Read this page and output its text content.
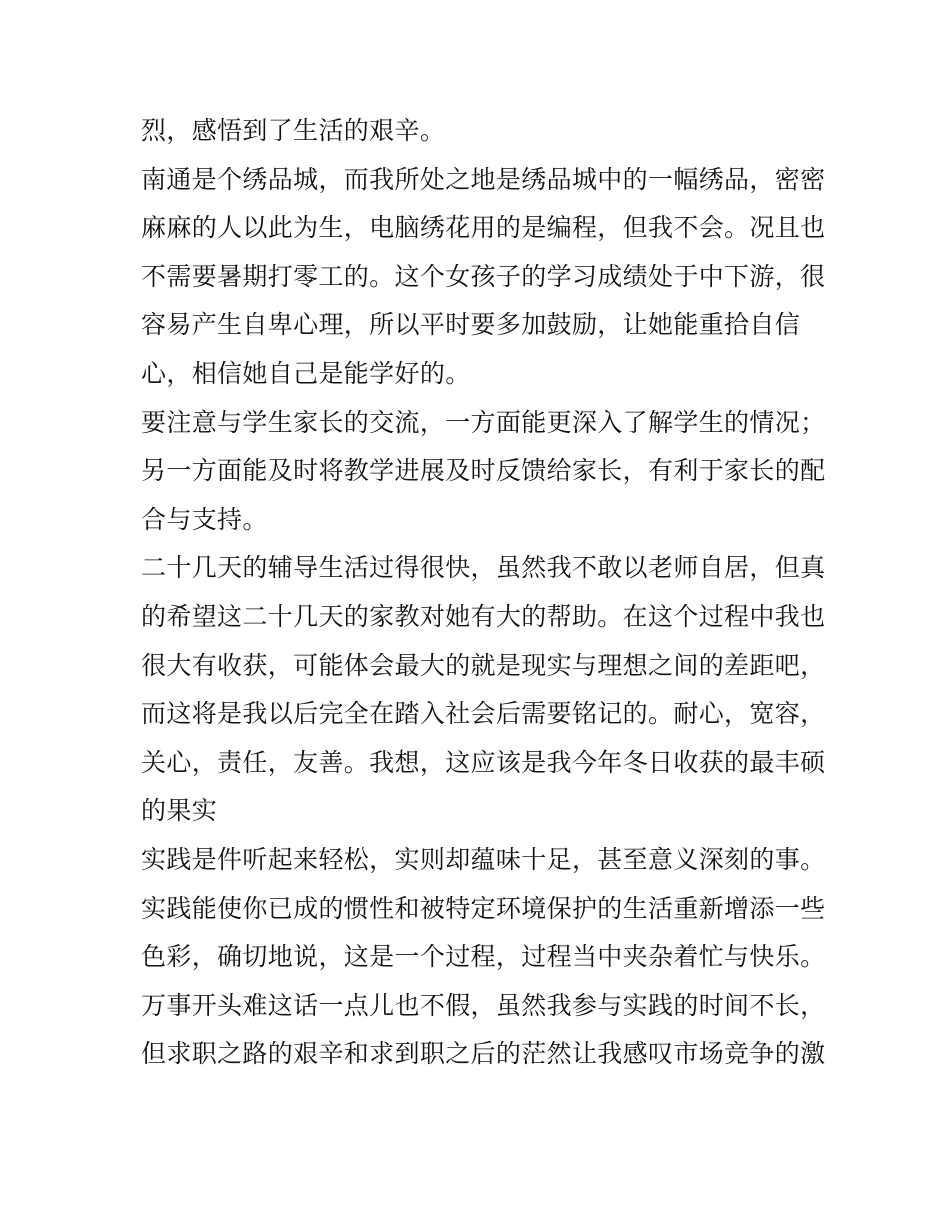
烈，感悟到了生活的艰辛。
南通是个绣品城，而我所处之地是绣品城中的一幅绣品，密密
麻麻的人以此为生，电脑绣花用的是编程，但我不会。况且也
不需要暑期打零工的。这个女孩子的学习成绩处于中下游，很
容易产生自卑心理，所以平时要多加鼓励，让她能重拾自信
心，相信她自己是能学好的。
要注意与学生家长的交流，一方面能更深入了解学生的情况；
另一方面能及时将教学进展及时反馈给家长，有利于家长的配
合与支持。
二十几天的辅导生活过得很快，虽然我不敢以老师自居，但真
的希望这二十几天的家教对她有大的帮助。在这个过程中我也
很大有收获，可能体会最大的就是现实与理想之间的差距吧，
而这将是我以后完全在踏入社会后需要铭记的。耐心，宽容，
关心，责任，友善。我想，这应该是我今年冬日收获的最丰硕
的果实
实践是件听起来轻松，实则却蕴味十足，甚至意义深刻的事。
实践能使你已成的惯性和被特定环境保护的生活重新增添一些
色彩，确切地说，这是一个过程，过程当中夹杂着忙与快乐。
万事开头难这话一点儿也不假，虽然我参与实践的时间不长，
但求职之路的艰辛和求到职之后的茫然让我感叹市场竞争的激
